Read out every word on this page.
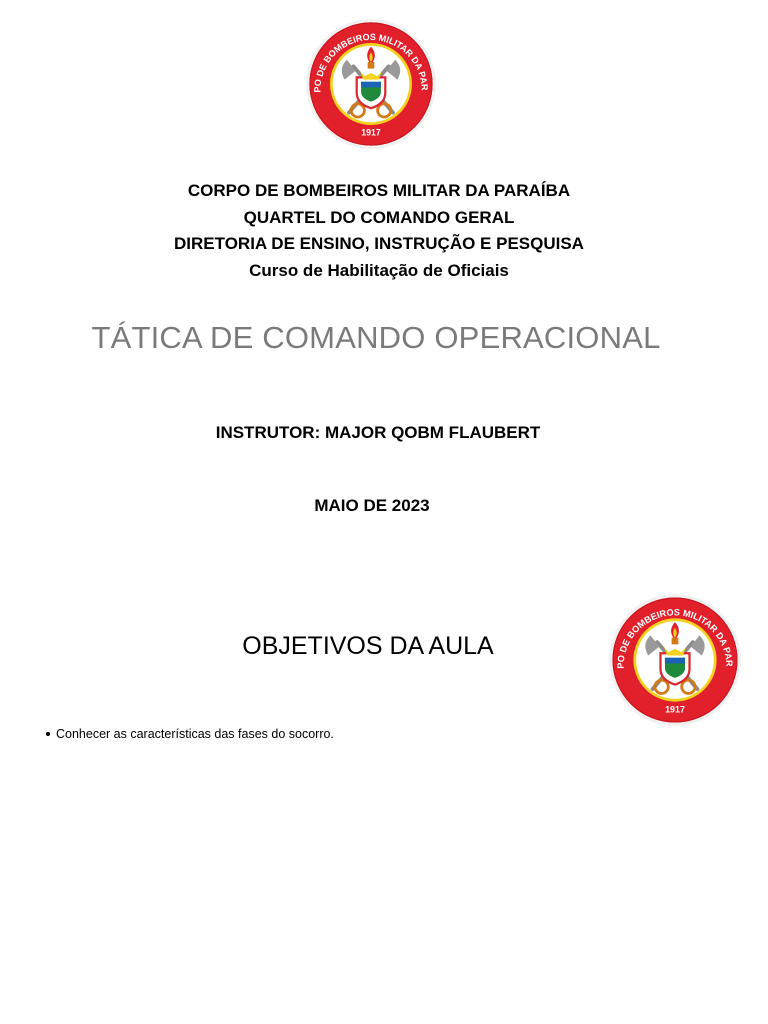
PO DE BOMBEIROS MILITAR DA PAR
1917
CORPO DE BOMBEIROS MILITAR DA PARAÍBA
QUARTEL DO COMANDO GERAL
DIRETORIA DE ENSINO, INSTRUÇÃO E PESQUISA
Curso de Habilitação de Oficiais
TÁTICA DE COMANDO OPERACIONAL
INSTRUTOR: MAJOR QOBM FLAUBERT
MAIO DE 2023
PO DE BOMBEIROS MILITAR DA PAR
1917
OBJETIVOS DA AULA
Conhecer as características das fases do socorro.
